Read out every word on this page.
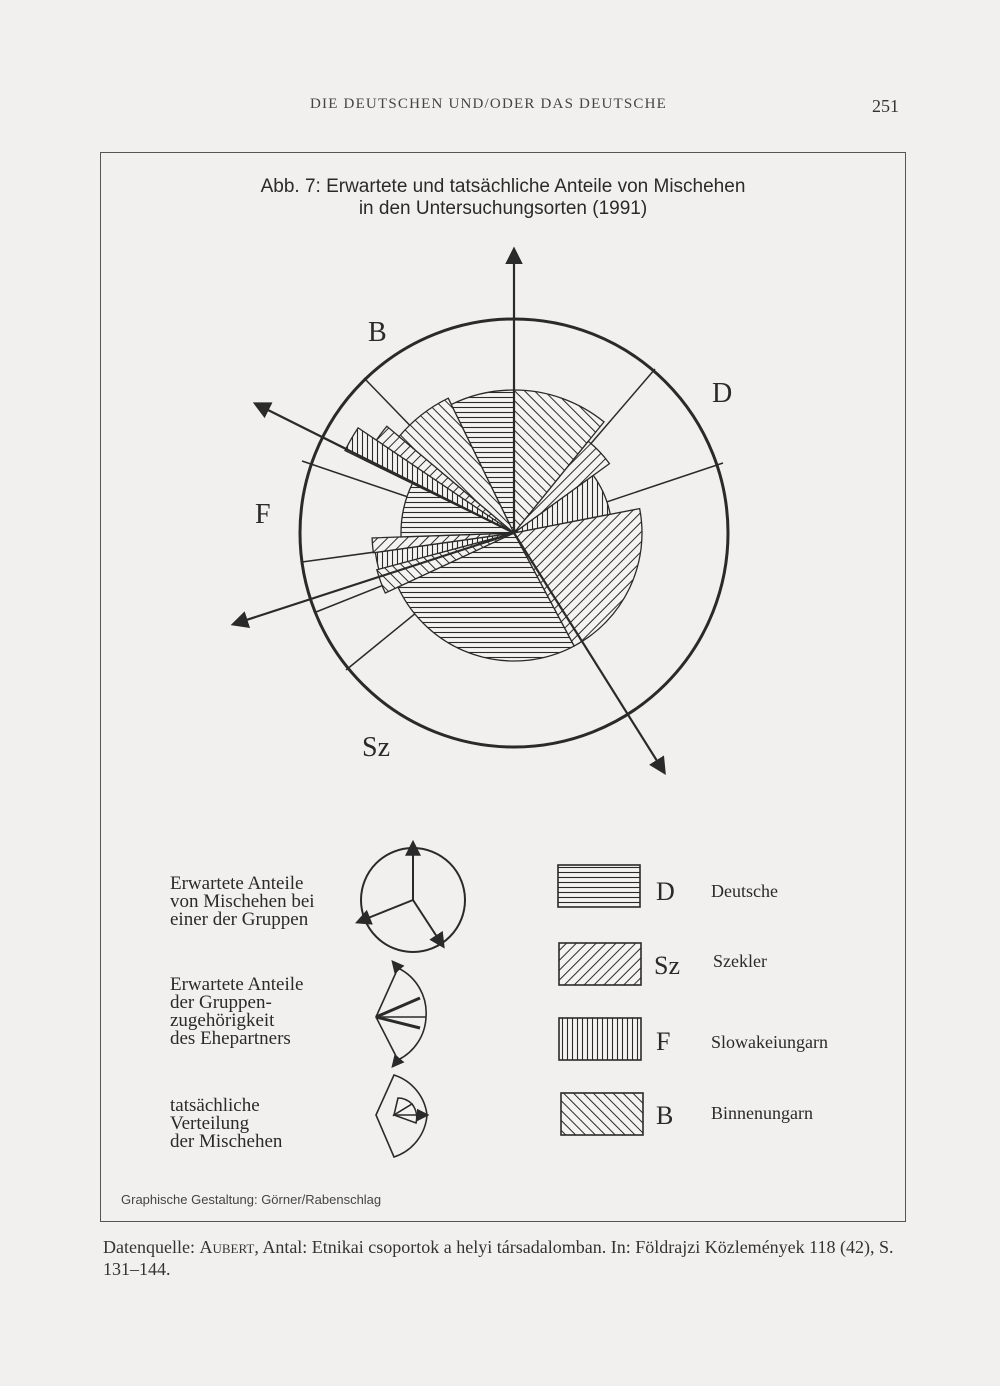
DIE DEUTSCHEN UND/ODER DAS DEUTSCHE	251
Abb. 7: Erwartete und tatsächliche Anteile von Mischehen
in den Untersuchungsorten (1991)
B
D
F
Sz
Erwartete Anteile von Mischehen bei einer der Gruppen
Erwartete Anteile der Gruppen- zugehörigkeit des Ehepartners
tatsächliche Verteilung der Mischehen
D
Sz
F
B
Deutsche
Szekler
Slowakeiungarn
Binnenungarn
Graphische Gestaltung: Görner/Rabenschlag
Datenquelle: Aubert, Antal: Etnikai csoportok a helyi társadalomban. In: Földrajzi Közlemények 118 (42), S. 131–144.
